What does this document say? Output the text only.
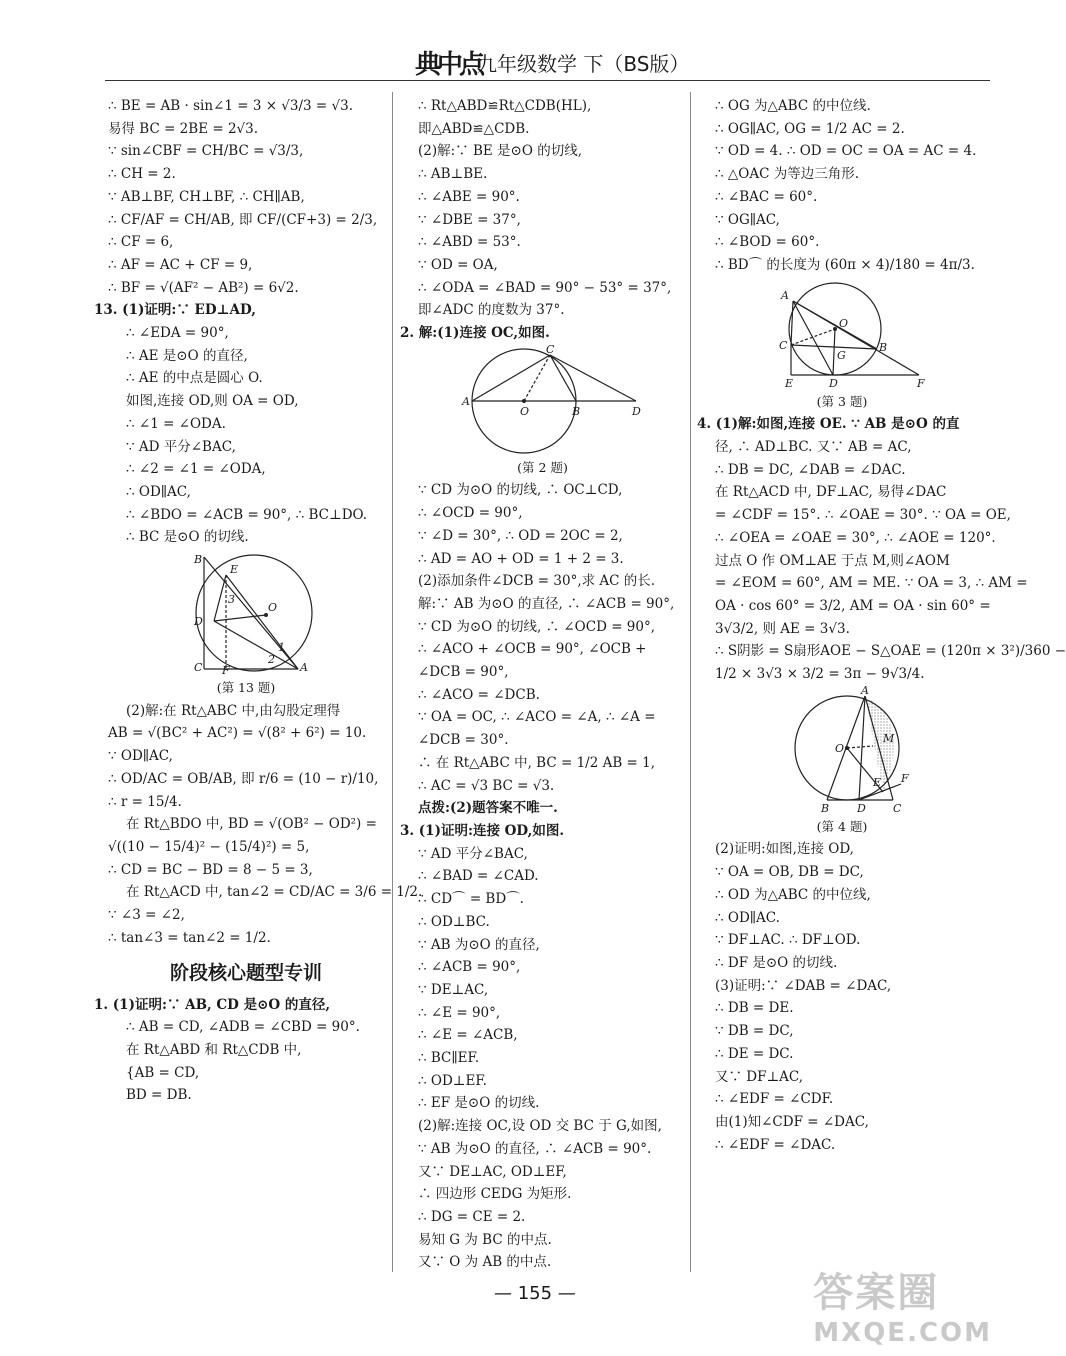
典中点
九年级数学 下（BS版）
∴ BE = AB · sin∠1 = 3 × √3/3 = √3.
易得 BC = 2BE = 2√3.
∵ sin∠CBF = CH/BC = √3/3,
∴ CH = 2.
∵ AB⊥BF, CH⊥BF, ∴ CH∥AB,
∴ CF/AF = CH/AB, 即 CF/(CF+3) = 2/3,
∴ CF = 6,
∴ AF = AC + CF = 9,
∴ BF = √(AF² − AB²) = 6√2.
13. (1)证明:∵ ED⊥AD,
∴ ∠EDA = 90°,
∴ AE 是⊙O 的直径,
∴ AE 的中点是圆心 O.
如图,连接 OD,则 OA = OD,
∴ ∠1 = ∠ODA.
∵ AD 平分∠BAC,
∴ ∠2 = ∠1 = ∠ODA,
∴ OD∥AC,
∴ ∠BDO = ∠ACB = 90°, ∴ BC⊥DO.
∴ BC 是⊙O 的切线.
B
E
3
D
O
1
2
C F	A
(第 13 题)
(2)解:在 Rt△ABC 中,由勾股定理得
AB = √(BC² + AC²) = √(8² + 6²) = 10.
∵ OD∥AC,
∴ OD/AC = OB/AB, 即 r/6 = (10 − r)/10,
∴ r = 15/4.
在 Rt△BDO 中, BD = √(OB² − OD²) =
√((10 − 15/4)² − (15/4)²) = 5,
∴ CD = BC − BD = 8 − 5 = 3,
在 Rt△ACD 中, tan∠2 = CD/AC = 3/6 = 1/2.
∵ ∠3 = ∠2,
∴ tan∠3 = tan∠2 = 1/2.
阶段核心题型专训
1. (1)证明:∵ AB, CD 是⊙O 的直径,
∴ AB = CD, ∠ADB = ∠CBD = 90°.
在 Rt△ABD 和 Rt△CDB 中,
{AB = CD,
BD = DB.
∴ Rt△ABD≌Rt△CDB(HL),
即△ABD≌△CDB.
(2)解:∵ BE 是⊙O 的切线,
∴ AB⊥BE.
∴ ∠ABE = 90°.
∵ ∠DBE = 37°,
∴ ∠ABD = 53°.
∵ OD = OA,
∴ ∠ODA = ∠BAD = 90° − 53° = 37°,
即∠ADC 的度数为 37°.
2. 解:(1)连接 OC,如图.
C
A
O	B	D
(第 2 题)
∵ CD 为⊙O 的切线, ∴ OC⊥CD,
∴ ∠OCD = 90°,
∵ ∠D = 30°, ∴ OD = 2OC = 2,
∴ AD = AO + OD = 1 + 2 = 3.
(2)添加条件∠DCB = 30°,求 AC 的长.
解:∵ AB 为⊙O 的直径, ∴ ∠ACB = 90°,
∵ CD 为⊙O 的切线, ∴ ∠OCD = 90°,
∴ ∠ACO + ∠OCB = 90°, ∠OCB +
∠DCB = 90°,
∴ ∠ACO = ∠DCB.
∵ OA = OC, ∴ ∠ACO = ∠A, ∴ ∠A =
∠DCB = 30°.
∴ 在 Rt△ABC 中, BC = 1/2 AB = 1,
∴ AC = √3 BC = √3.
点拨:(2)题答案不唯一.
3. (1)证明:连接 OD,如图.
∵ AD 平分∠BAC,
∴ ∠BAD = ∠CAD.
∴ CD⌒ = BD⌒.
∴ OD⊥BC.
∵ AB 为⊙O 的直径,
∴ ∠ACB = 90°,
∵ DE⊥AC,
∴ ∠E = 90°,
∴ ∠E = ∠ACB,
∴ BC∥EF.
∴ OD⊥EF.
∴ EF 是⊙O 的切线.
(2)解:连接 OC,设 OD 交 BC 于 G,如图,
∵ AB 为⊙O 的直径, ∴ ∠ACB = 90°.
又∵ DE⊥AC, OD⊥EF,
∴ 四边形 CEDG 为矩形.
∴ DG = CE = 2.
易知 G 为 BC 的中点.
又∵ O 为 AB 的中点.
∴ OG 为△ABC 的中位线.
∴ OG∥AC, OG = 1/2 AC = 2.
∵ OD = 4. ∴ OD = OC = OA = AC = 4.
∴ △OAC 为等边三角形.
∴ ∠BAC = 60°.
∵ OG∥AC,
∴ ∠BOD = 60°.
∴ BD⌒ 的长度为 (60π × 4)/180 = 4π/3.
A
O
C
G
B
E	D	F
(第 3 题)
4. (1)解:如图,连接 OE. ∵ AB 是⊙O 的直
径, ∴ AD⊥BC. 又∵ AB = AC,
∴ DB = DC, ∠DAB = ∠DAC.
在 Rt△ACD 中, DF⊥AC, 易得∠DAC
= ∠CDF = 15°. ∴ ∠OAE = 30°. ∵ OA = OE,
∴ ∠OEA = ∠OAE = 30°, ∴ ∠AOE = 120°.
过点 O 作 OM⊥AE 于点 M,则∠AOM
= ∠EOM = 60°, AM = ME. ∵ OA = 3, ∴ AM =
OA · cos 60° = 3/2, AM = OA · sin 60° =
3√3/2, 则 AE = 3√3.
∴ S阴影 = S扇形AOE − S△OAE = (120π × 3²)/360 −
1/2 × 3√3 × 3/2 = 3π − 9√3/4.
A
O
M
E F
B	D C
(第 4 题)
(2)证明:如图,连接 OD,
∵ OA = OB, DB = DC,
∴ OD 为△ABC 的中位线,
∴ OD∥AC.
∵ DF⊥AC. ∴ DF⊥OD.
∴ DF 是⊙O 的切线.
(3)证明:∵ ∠DAB = ∠DAC,
∴ DB = DE.
∵ DB = DC,
∴ DE = DC.
又∵ DF⊥AC,
∴ ∠EDF = ∠CDF.
由(1)知∠CDF = ∠DAC,
∴ ∠EDF = ∠DAC.
— 155 —	答案圈
MXQE.COM
